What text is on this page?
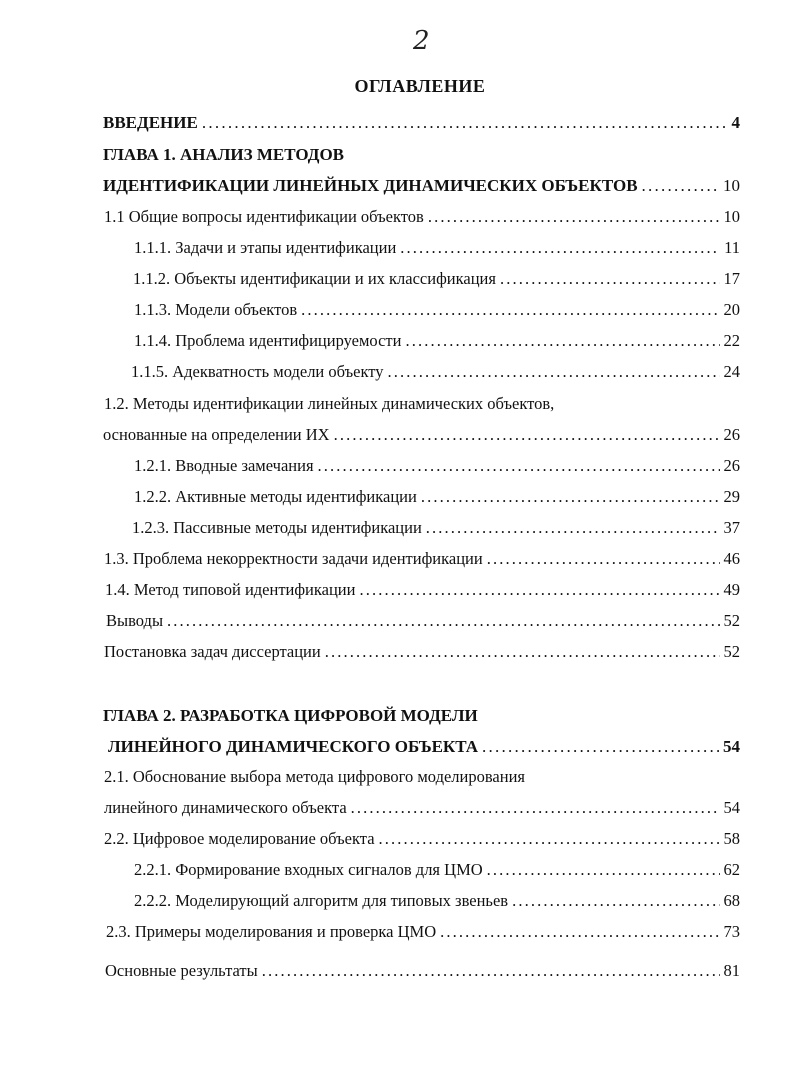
2
ОГЛАВЛЕНИЕ
ВВЕДЕНИЕ . . .	4
ГЛАВА 1. АНАЛИЗ МЕТОДОВ
ИДЕНТИФИКАЦИИ ЛИНЕЙНЫХ ДИНАМИЧЕСКИХ ОБЪЕКТОВ . . .	10
1.1 Общие вопросы идентификации объектов . . .	10
1.1.1. Задачи и этапы идентификации . . .	11
1.1.2. Объекты идентификации и их классификация . . .	17
1.1.3. Модели объектов . . .	20
1.1.4. Проблема идентифицируемости . . .	22
1.1.5. Адекватность модели объекту . . .	24
1.2. Методы идентификации линейных динамических объектов,
основанные на определении ИХ . . .	26
1.2.1. Вводные замечания . . .	26
1.2.2. Активные методы идентификации . . .	29
1.2.3. Пассивные методы идентификации . . .	37
1.3. Проблема некорректности задачи идентификации . . .	46
1.4. Метод типовой идентификации . . .	49
Выводы . . .	52
Постановка задач диссертации . . .	52
ГЛАВА 2. РАЗРАБОТКА ЦИФРОВОЙ МОДЕЛИ
ЛИНЕЙНОГО ДИНАМИЧЕСКОГО ОБЪЕКТА . . .	54
2.1. Обоснование выбора метода цифрового моделирования
линейного динамического объекта . . .	54
2.2. Цифровое моделирование объекта . . .	58
2.2.1. Формирование входных сигналов для ЦМО . . .	62
2.2.2. Моделирующий алгоритм для типовых звеньев . . .	68
2.3. Примеры моделирования и проверка ЦМО . . .	73
Основные результаты . . .	81
